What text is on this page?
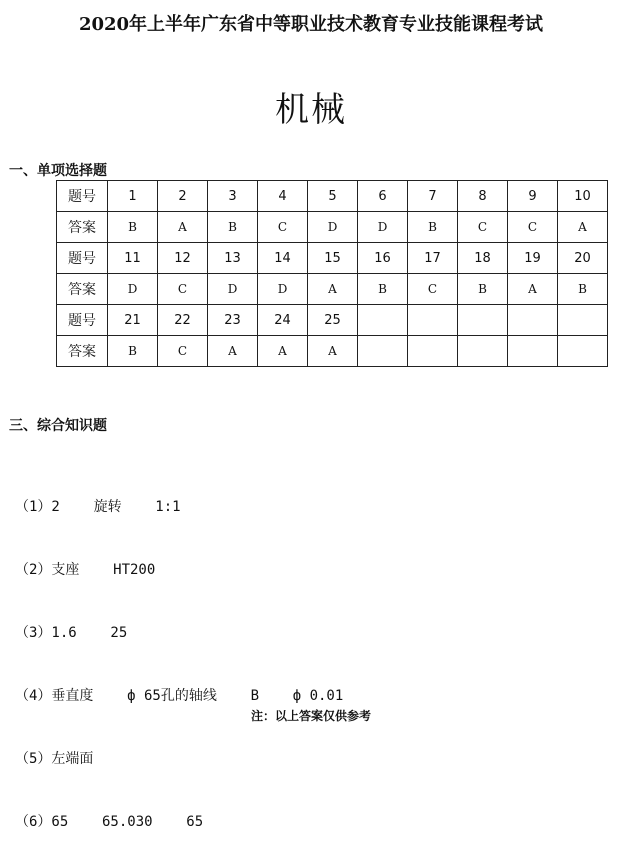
2020年上半年广东省中等职业技术教育专业技能课程考试
机械
一、单项选择题
题号	1	2	3	4	5	6	7	8	9	10
答案	B	A	B	C	D	D	B	C	C	A
题号	11	12	13	14	15	16	17	18	19	20
答案	D	C	D	D	A	B	C	B	A	B
题号	21	22	23	24	25					
答案	B	C	A	A	A					
三、综合知识题

（1）2    旋转    1:1

（2）支座    HT200

（3）1.6    25

（4）垂直度    ф 65孔的轴线    B    ф 0.01

（5）左端面

（6）65    65.030    65

注：以上答案仅供参考
